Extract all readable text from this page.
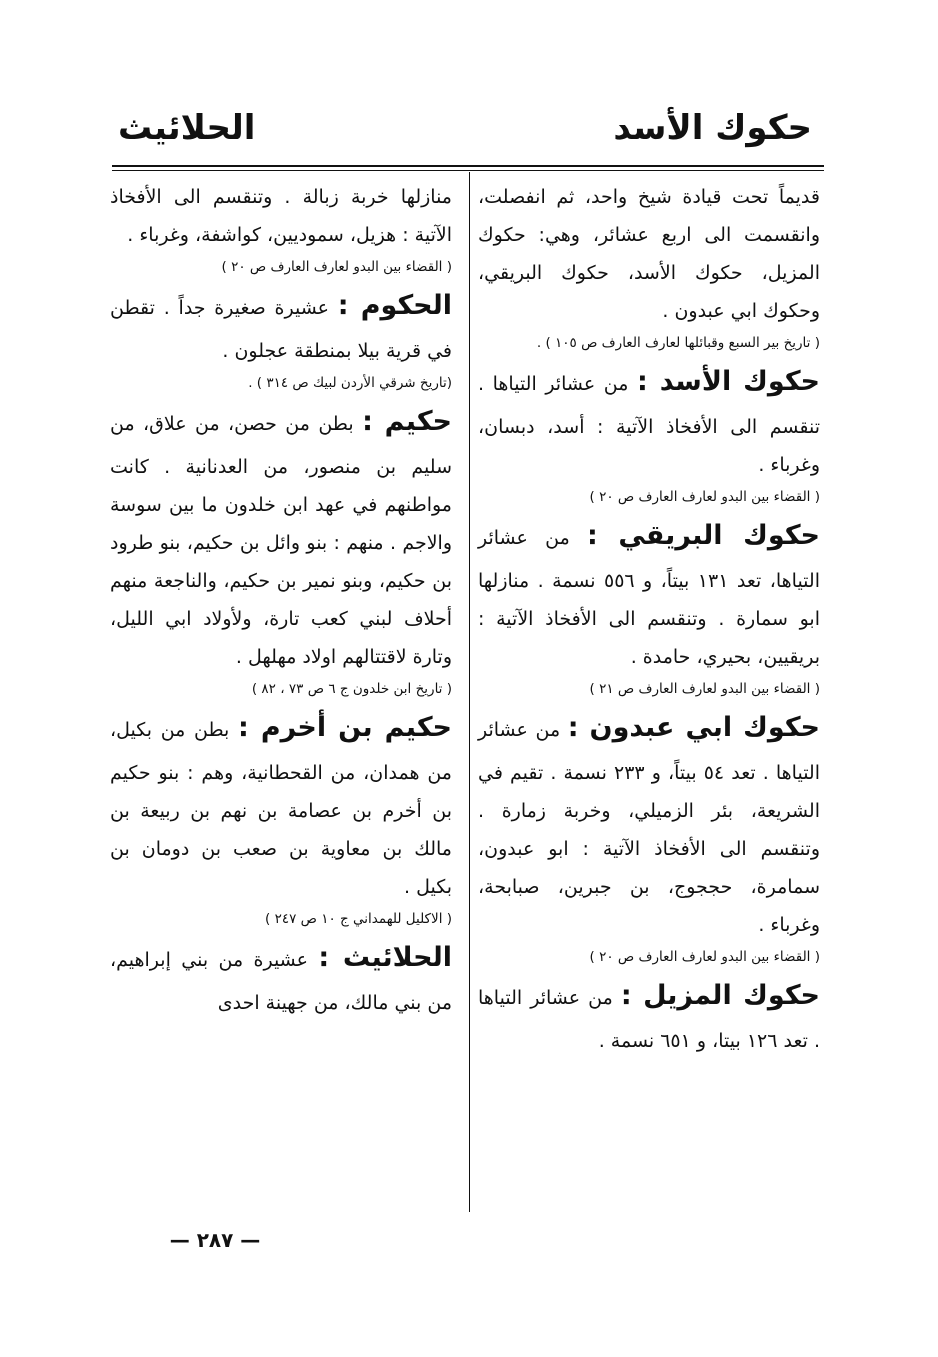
حكوك الأسد
الحلائيث

قديماً تحت قيادة شيخ واحد، ثم انفصلت، وانقسمت الى اربع عشائر، وهي: حكوك المزيل، حكوك الأسد، حكوك البريقي، وحكوك ابي عبدون .

( تاريخ بير السبع وقبائلها لعارف العارف ص ١٠٥ ) .

حكوك الأسد : من عشائر التياها . تنقسم الى الأفخاذ الآتية : أسد، دبسان، وغرباء .

( القضاء بين البدو لعارف العارف ص ٢٠ )

حكوك البريقي : من عشائر التياها، تعد ١٣١ بيتاً، و ٥٥٦ نسمة . منازلها ابو سمارة . وتنقسم الى الأفخاذ الآتية : بريقيين، بحيري، حامدة .

( القضاء بين البدو لعارف العارف ص ٢١ )

حكوك ابي عبدون : من عشائر التياها . تعد ٥٤ بيتاً، و ٢٣٣ نسمة . تقيم في الشريعة، بئر الزميلي، وخربة زمارة . وتنقسم الى الأفخاذ الآتية : ابو عبدون، سمامرة، حججوج، بن جبرين، صبابحة، وغرباء .

( القضاء بين البدو لعارف العارف ص ٢٠ )

حكوك المزيل : من عشائر التياها . تعد ١٢٦ بيتا، و ٦٥١ نسمة .

منازلها خربة زبالة . وتنقسم الى الأفخاذ الآتية : هزيل، سموديين، كواشفة، وغرباء .

( القضاء بين البدو لعارف العارف ص ٢٠ )

الحكوم : عشيرة صغيرة جداً . تقطن في قرية بيلا بمنطقة عجلون .

(تاريخ شرقي الأردن لبيك ص ٣١٤ ) .

حكيم : بطن من حصن، من علاق، من سليم بن منصور، من العدنانية . كانت مواطنهم في عهد ابن خلدون ما بين سوسة والاجم . منهم : بنو وائل بن حكيم، بنو طرود بن حكيم، وبنو نمير بن حكيم، والناجعة منهم أحلاف لبني كعب تارة، ولأولاد ابي الليل، وتارة لاقتتالهم اولاد مهلهل .

( تاريخ ابن خلدون ج ٦ ص ٧٣ ، ٨٢ )

حكيم بن أخرم : بطن من بكيل، من همدان، من القحطانية، وهم : بنو حكيم بن أخرم بن عصامة بن نهم بن ربيعة بن مالك بن معاوية بن صعب بن دومان بن بكيل .

( الاكليل للهمداني ج ١٠ ص ٢٤٧ )

الحلائيث : عشيرة من بني إبراهيم، من بني مالك، من جهينة احدى

— ٢٨٧ —
